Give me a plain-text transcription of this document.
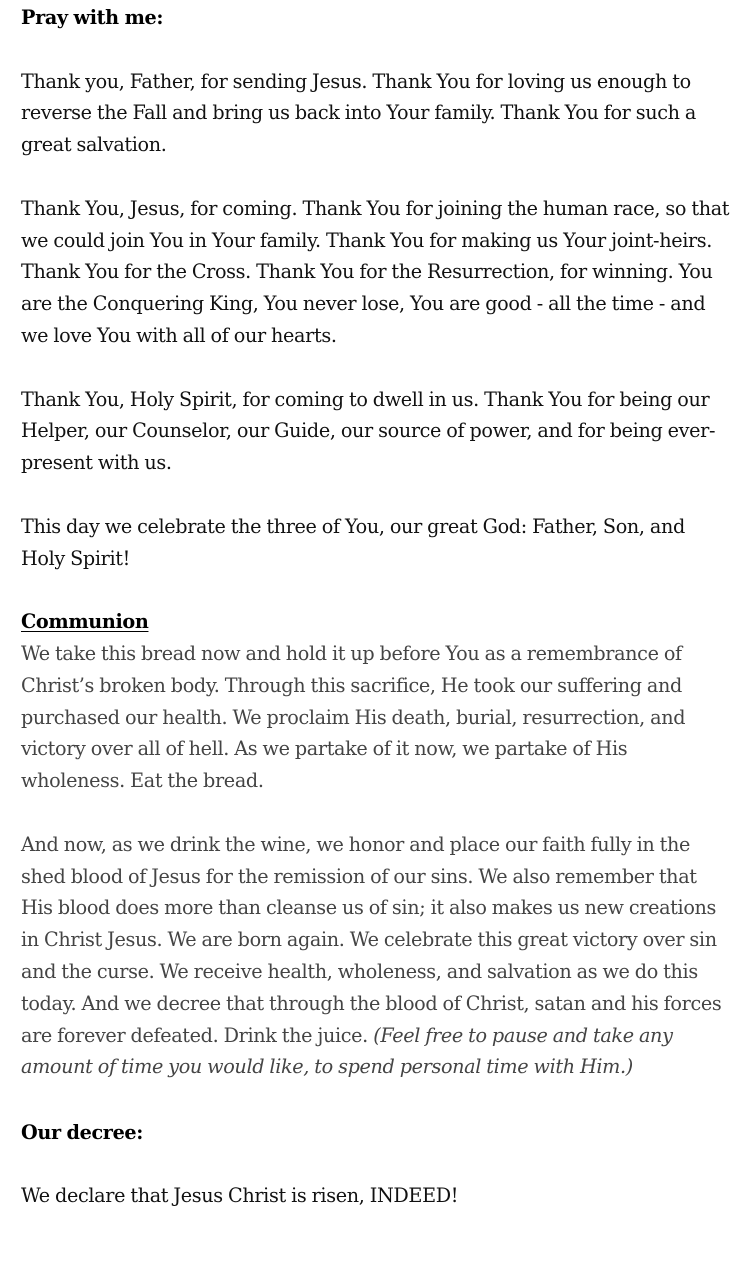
Pray with me:

Thank you, Father, for sending Jesus. Thank You for loving us enough to reverse the Fall and bring us back into Your family. Thank You for such a great salvation.

Thank You, Jesus, for coming. Thank You for joining the human race, so that we could join You in Your family. Thank You for making us Your joint-heirs. Thank You for the Cross. Thank You for the Resurrection, for winning. You are the Conquering King, You never lose, You are good - all the time - and we love You with all of our hearts.

Thank You, Holy Spirit, for coming to dwell in us. Thank You for being our Helper, our Counselor, our Guide, our source of power, and for being ever-present with us.

This day we celebrate the three of You, our great God: Father, Son, and Holy Spirit!

Communion

We take this bread now and hold it up before You as a remembrance of Christ’s broken body. Through this sacrifice, He took our suffering and purchased our health. We proclaim His death, burial, resurrection, and victory over all of hell. As we partake of it now, we partake of His wholeness. Eat the bread.

And now, as we drink the wine, we honor and place our faith fully in the shed blood of Jesus for the remission of our sins. We also remember that His blood does more than cleanse us of sin; it also makes us new creations in Christ Jesus. We are born again. We celebrate this great victory over sin and the curse. We receive health, wholeness, and salvation as we do this today. And we decree that through the blood of Christ, satan and his forces are forever defeated. Drink the juice. (Feel free to pause and take any amount of time you would like, to spend personal time with Him.)

Our decree:

We declare that Jesus Christ is risen, INDEED!
